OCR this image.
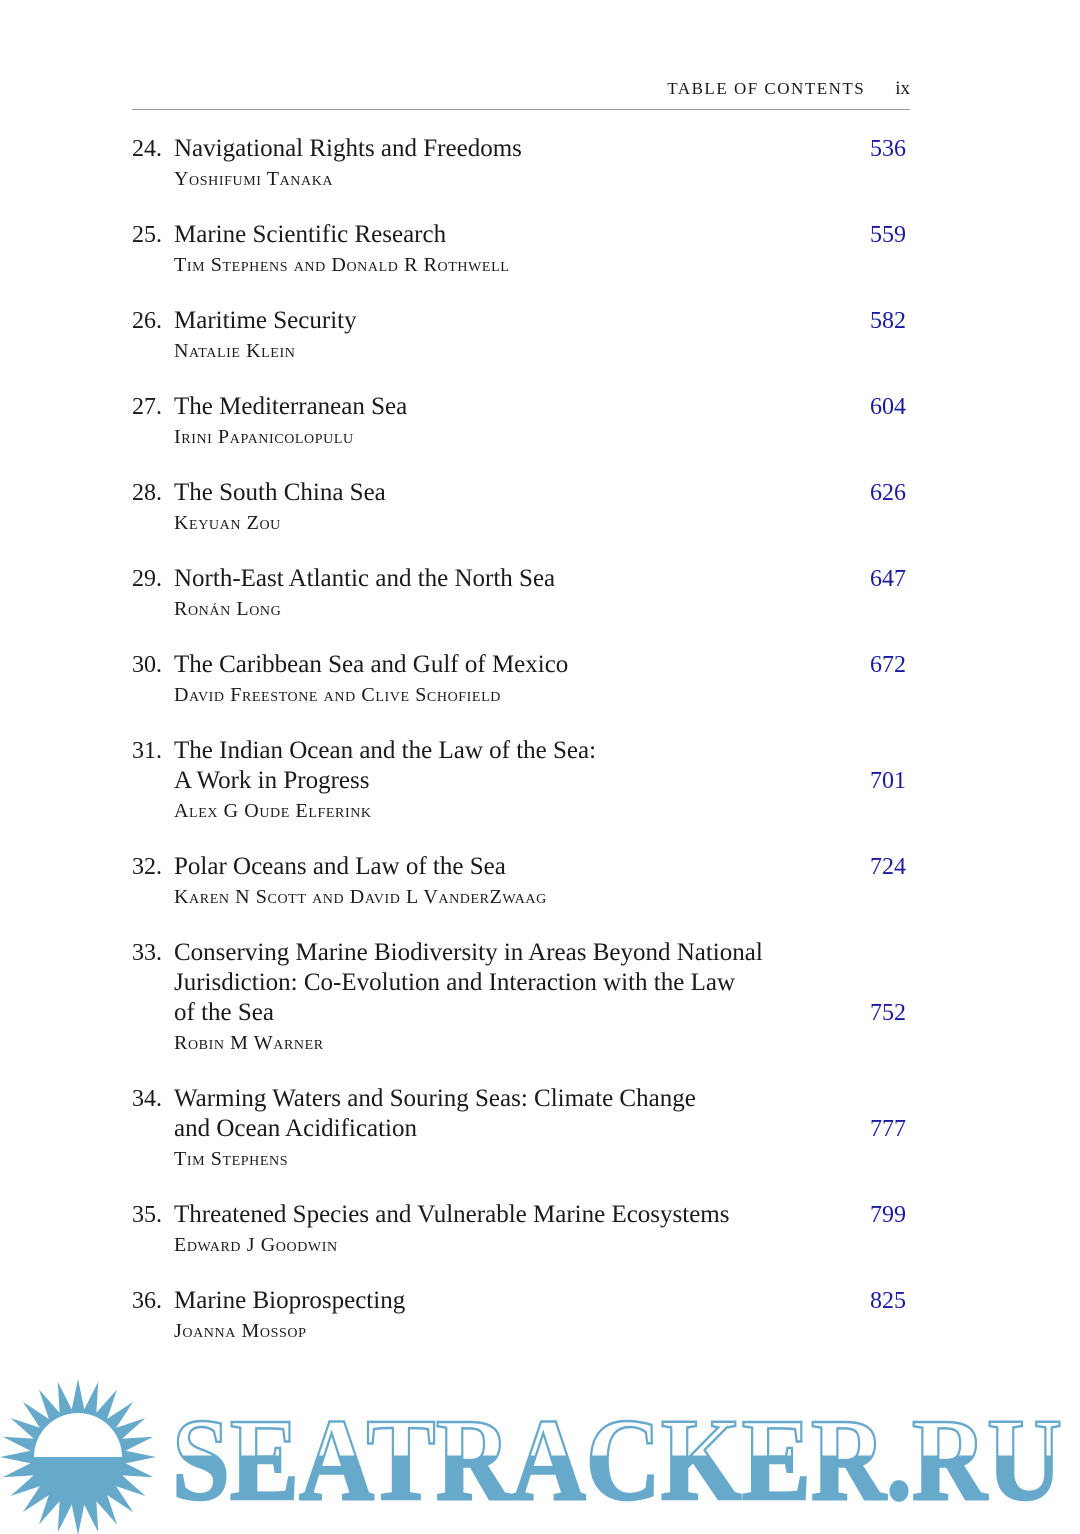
TABLE OF CONTENTS ix
24. Navigational Rights and Freedoms
Yoshifumi Tanaka
536
25. Marine Scientific Research
Tim Stephens and Donald R Rothwell
559
26. Maritime Security
Natalie Klein
582
27. The Mediterranean Sea
Irini Papanicolopulu
604
28. The South China Sea
Keyuan Zou
626
29. North-East Atlantic and the North Sea
Ronán Long
647
30. The Caribbean Sea and Gulf of Mexico
David Freestone and Clive Schofield
672
31. The Indian Ocean and the Law of the Sea:
A Work in Progress
Alex G Oude Elferink
701
32. Polar Oceans and Law of the Sea
Karen N Scott and David L VanderZwaag
724
33. Conserving Marine Biodiversity in Areas Beyond National
Jurisdiction: Co-Evolution and Interaction with the Law
of the Sea
Robin M Warner
752
34. Warming Waters and Souring Seas: Climate Change
and Ocean Acidification
Tim Stephens
777
35. Threatened Species and Vulnerable Marine Ecosystems
Edward J Goodwin
799
36. Marine Bioprospecting
Joanna Mossop
825
SEATRACKER.RU
